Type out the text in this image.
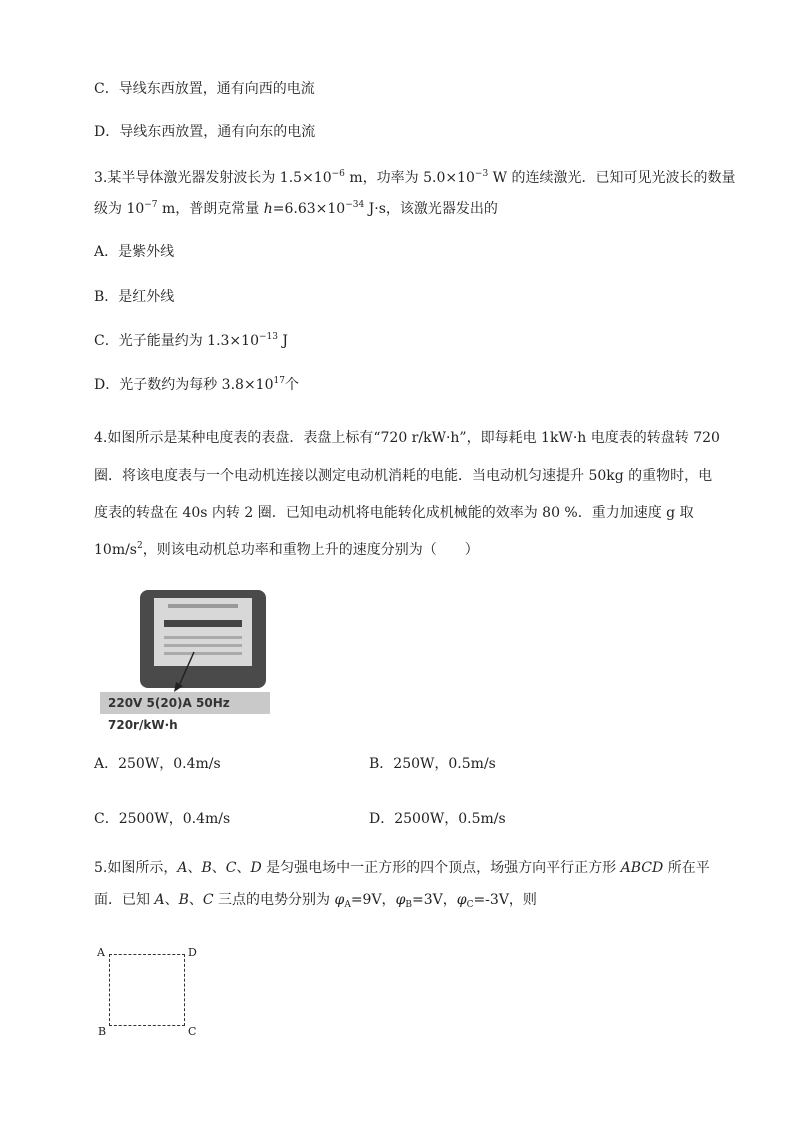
C．导线东西放置，通有向西的电流
D．导线东西放置，通有向东的电流
3.某半导体激光器发射波长为 $1.5\times 10^{-6}$ m，功率为 $5.0\times 10^{-3}$ W 的连续激光．已知可见光波长的数量
级为 $10^{-7}$ m，普朗克常量 $h=6.63\times 10^{-34}$ J·s，该激光器发出的
A．是紫外线
B．是红外线
C．光子能量约为 $1.3\times 10^{-13}$ J
D．光子数约为每秒 $3.8\times 10^{17}$个
4.如图所示是某种电度表的表盘．表盘上标有“720 r/kW·h”，即每耗电 1kW·h 电度表的转盘转 720
圈．将该电度表与一个电动机连接以测定电动机消耗的电能．当电动机匀速提升 50kg 的重物时，电
度表的转盘在 40s 内转 2 圈．已知电动机将电能转化成机械能的效率为 80 %．重力加速度 g 取
$10m/s^2$，则该电动机总功率和重物上升的速度分别为（　　）
220V 5(20)A 50Hz 720r/kW·h
A．250W，0.4m/s	B．250W，0.5m/s
C．2500W，0.4m/s	D．2500W，0.5m/s
5.如图所示，A、B、C、D 是匀强电场中一正方形的四个顶点，场强方向平行正方形 ABCD 所在平
面．已知 A、B、C 三点的电势分别为 $\varphi_A=9V$，$\varphi_B=3V$，$\varphi_C=-3V$，则
A	D
B	C
